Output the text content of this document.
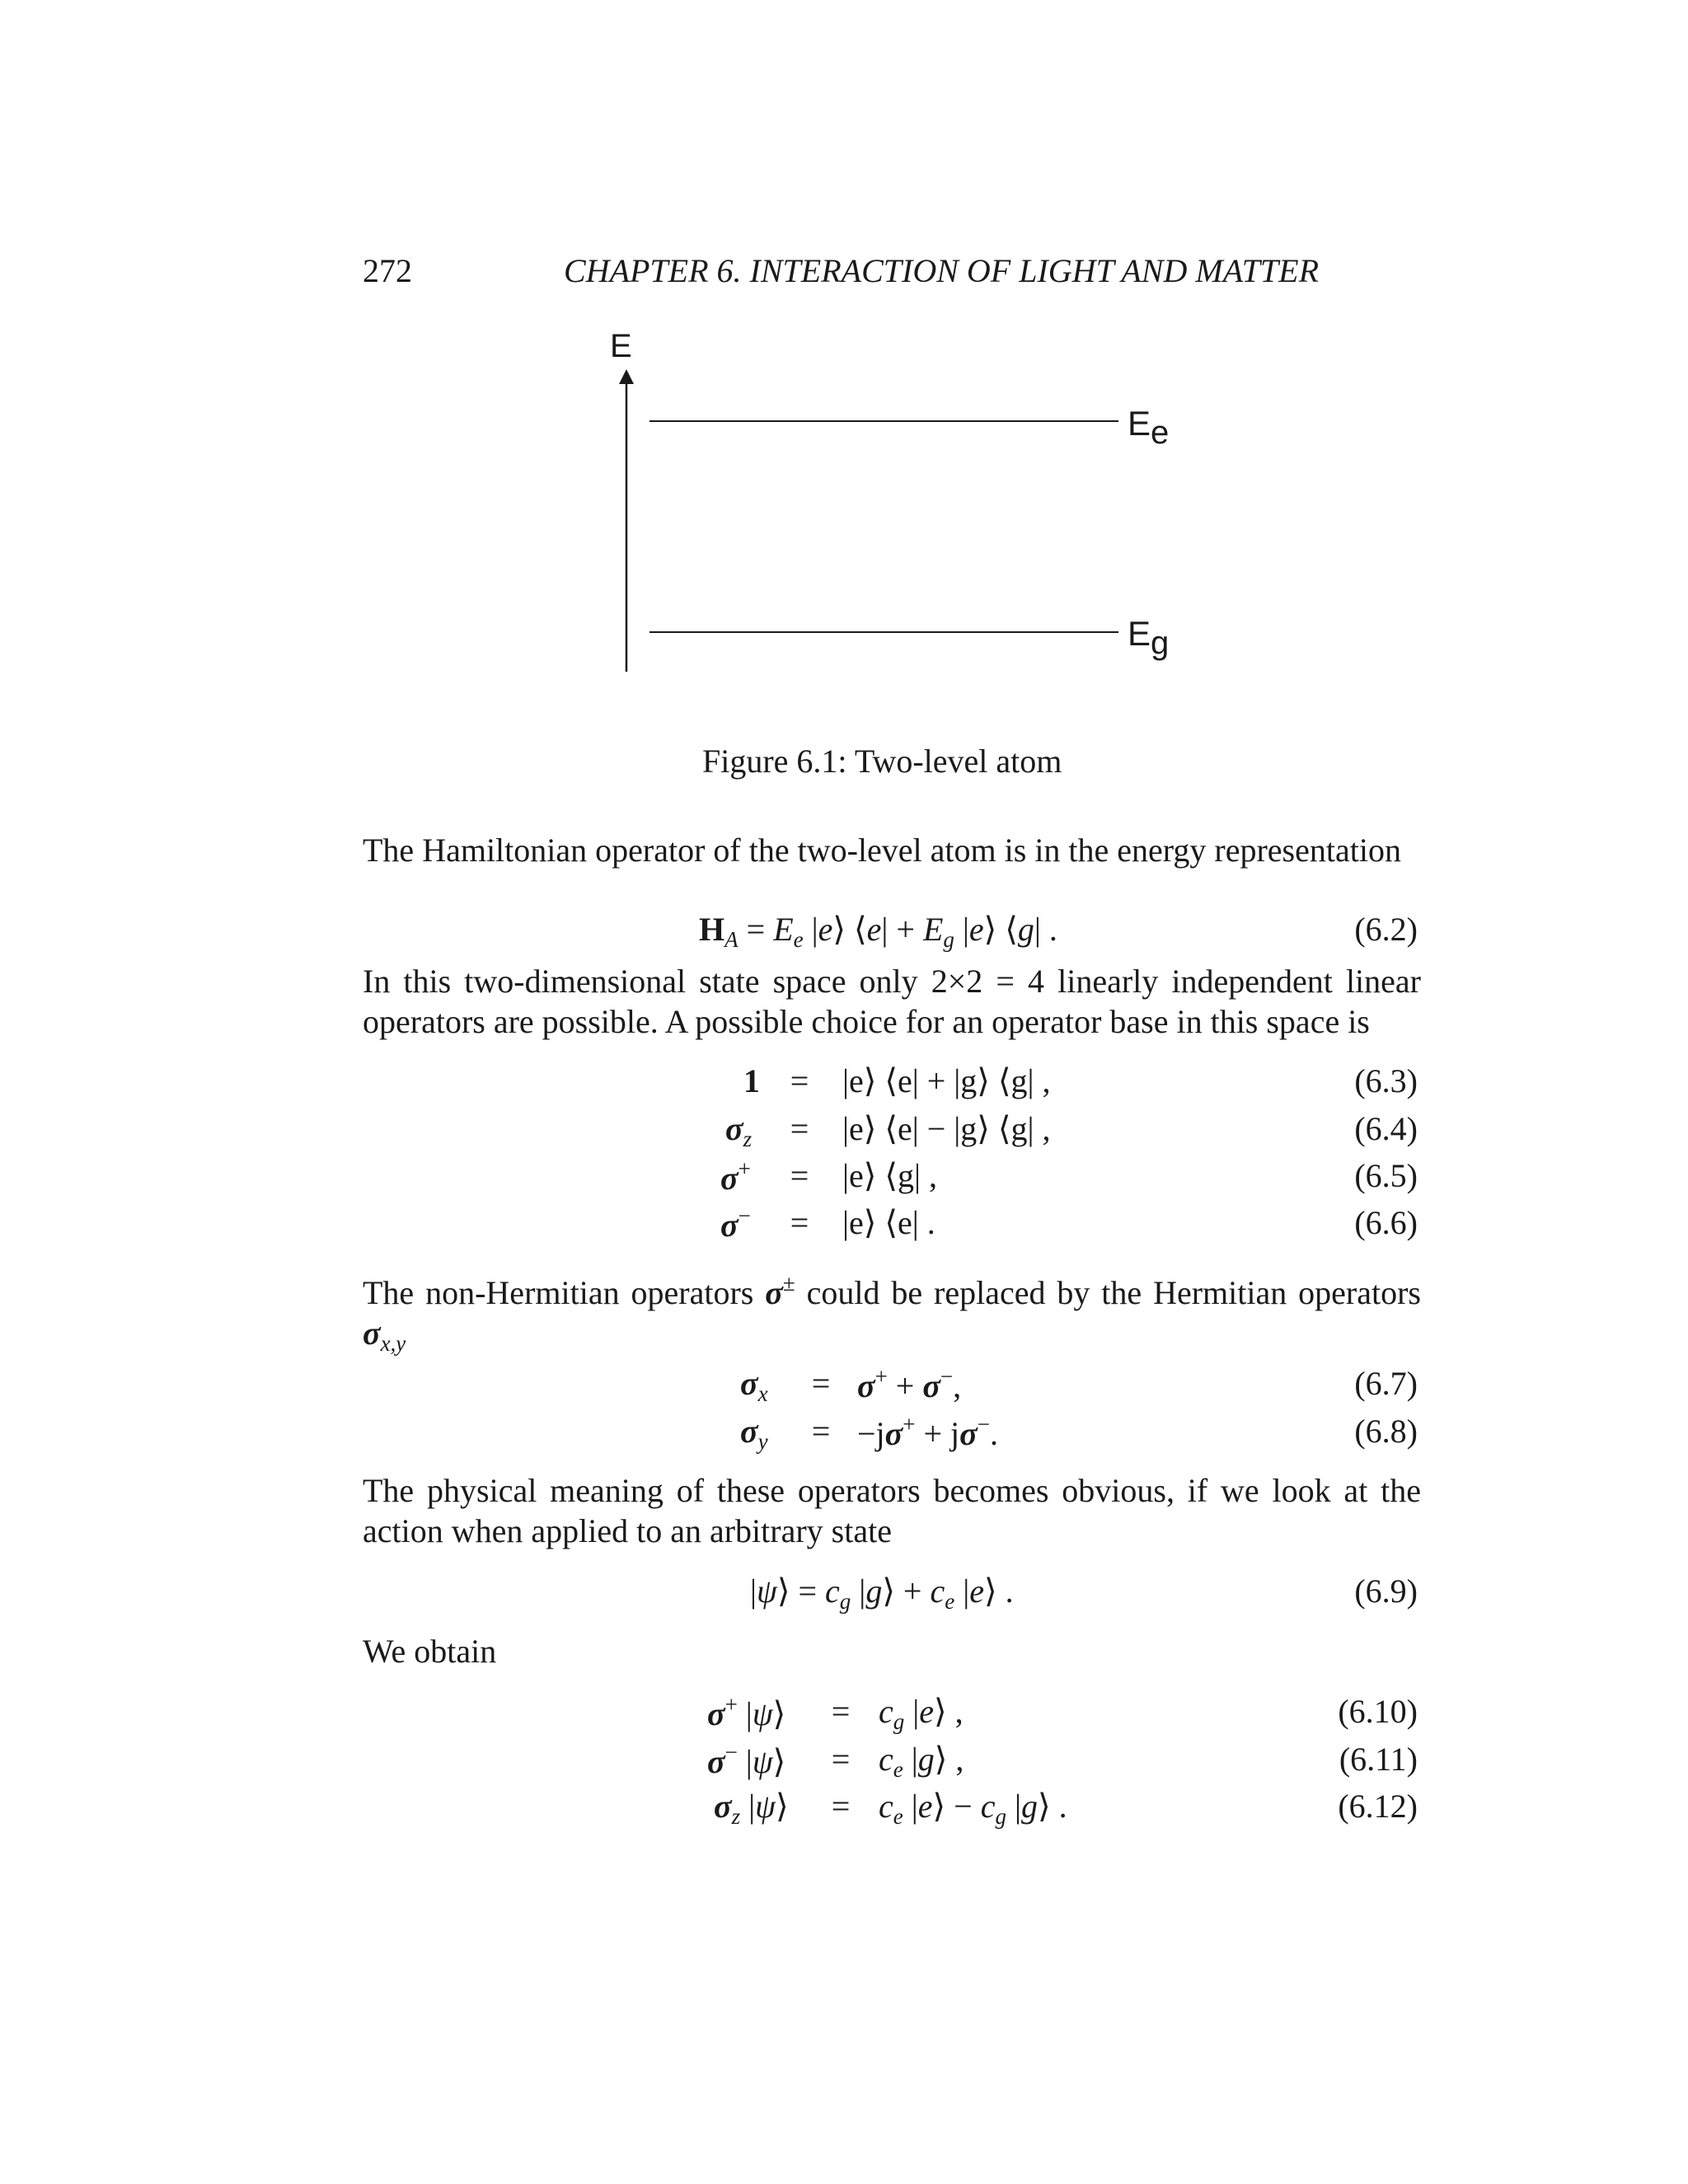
272	CHAPTER 6. INTERACTION OF LIGHT AND MATTER
E
Ee
Eg
Figure 6.1: Two-level atom
The Hamiltonian operator of the two-level atom is in the energy representation
$H_A = E_e$ |e⟩ ⟨e| + $E_g$ |e⟩ ⟨g| .	(6.2)
In this two-dimensional state space only 2×2 = 4 linearly independent linear operators are possible. A possible choice for an operator base in this space is
1 =	|e⟩ ⟨e| + |g⟩ ⟨g| ,	(6.3)
$\sigma_z$	=	|e⟩ ⟨e| − |g⟩ ⟨g| ,	(6.4)
σ+	=	|e⟩ ⟨g| ,	(6.5)
σ−	=	|e⟩ ⟨e| .	(6.6)
The non-Hermitian operators σ± could be replaced by the Hermitian operators $\sigma_{x,y}$
$\sigma_x$	= σ+ + σ−,	(6.7)
$\sigma_y$	= −jσ+ + jσ−.	(6.8)
The physical meaning of these operators becomes obvious, if we look at the action when applied to an arbitrary state
|ψ⟩ = $c_g$ |g⟩ + $c_e$ |e⟩ .	(6.9)
We obtain
σ+ |ψ⟩	= $c_g$ |e⟩ ,	(6.10)
σ− |ψ⟩	= $c_e$ |g⟩ ,	(6.11)
$\sigma_z$ |ψ⟩	= $c_e$ |e⟩ − $c_g$ |g⟩ .	(6.12)
